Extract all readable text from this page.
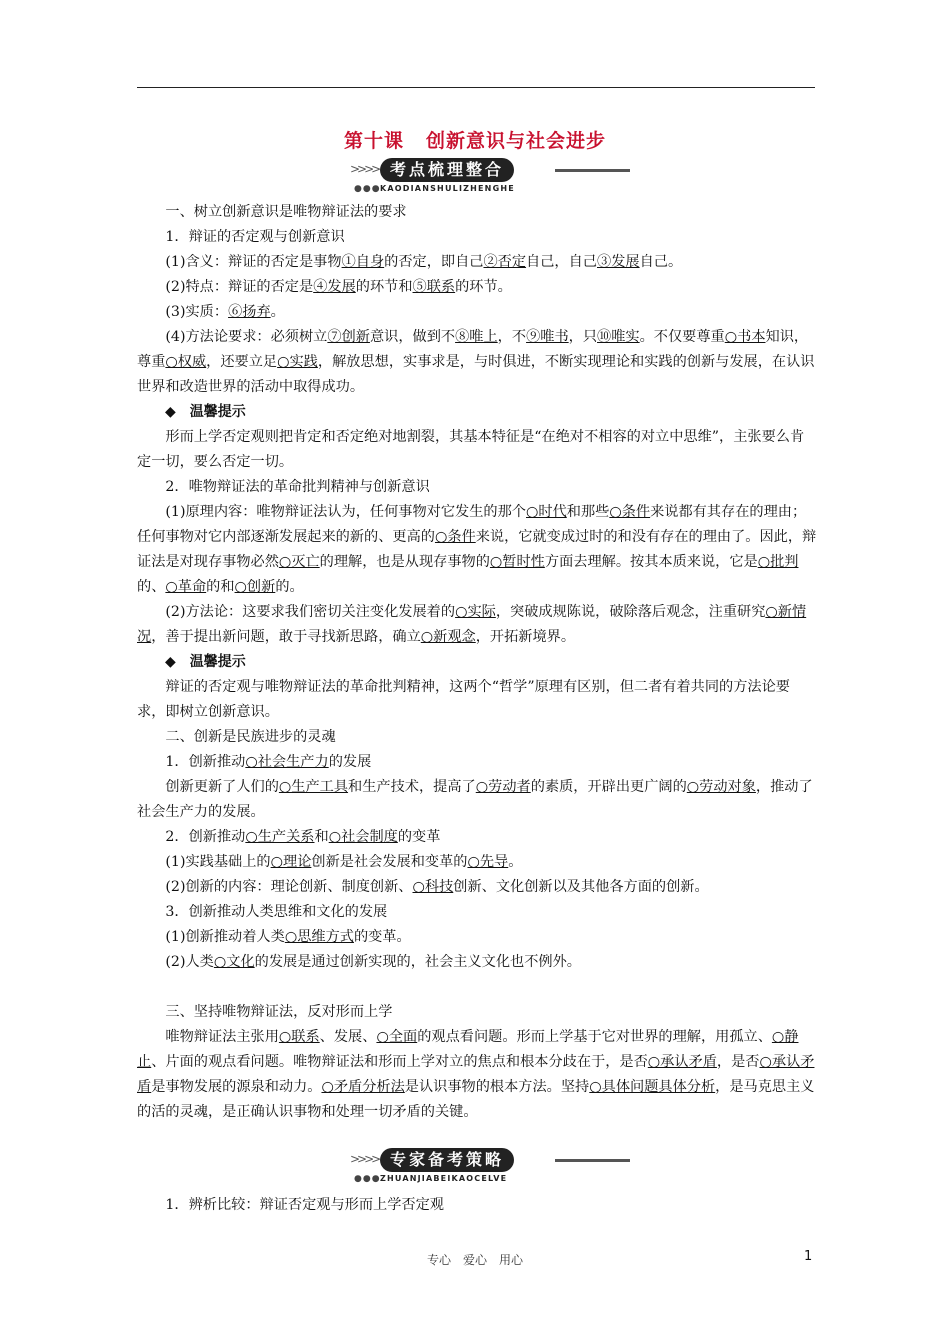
第十课 创新意识与社会进步
>>>> 考点梳理整合
●●● KAODIANSHULIZHENGHE

一、树立创新意识是唯物辩证法的要求

1．辩证的否定观与创新意识

(1)含义：辩证的否定是事物①自身的否定，即自己②否定自己，自己③发展自己。

(2)特点：辩证的否定是④发展的环节和⑤联系的环节。

(3)实质：⑥扬弃。

(4)方法论要求：必须树立⑦创新意识，做到不⑧唯上，不⑨唯书，只⑩唯实。不仅要尊重○书本知识，尊重○权威，还要立足○实践，解放思想，实事求是，与时俱进，不断实现理论和实践的创新与发展，在认识世界和改造世界的活动中取得成功。

◆　温馨提示

形而上学否定观则把肯定和否定绝对地割裂，其基本特征是“在绝对不相容的对立中思维”，主张要么肯定一切，要么否定一切。

2．唯物辩证法的革命批判精神与创新意识

(1)原理内容：唯物辩证法认为，任何事物对它发生的那个○时代和那些○条件来说都有其存在的理由；任何事物对它内部逐渐发展起来的新的、更高的○条件来说，它就变成过时的和没有存在的理由了。因此，辩证法是对现存事物必然○灭亡的理解，也是从现存事物的○暂时性方面去理解。按其本质来说，它是○批判的、○革命的和○创新的。

(2)方法论：这要求我们密切关注变化发展着的○实际，突破成规陈说，破除落后观念，注重研究○新情况，善于提出新问题，敢于寻找新思路，确立○新观念，开拓新境界。

◆　温馨提示

辩证的否定观与唯物辩证法的革命批判精神，这两个“哲学”原理有区别，但二者有着共同的方法论要求，即树立创新意识。

二、创新是民族进步的灵魂

1．创新推动○社会生产力的发展

创新更新了人们的○生产工具和生产技术，提高了○劳动者的素质，开辟出更广阔的○劳动对象，推动了社会生产力的发展。

2．创新推动○生产关系和○社会制度的变革

(1)实践基础上的○理论创新是社会发展和变革的○先导。

(2)创新的内容：理论创新、制度创新、○科技创新、文化创新以及其他各方面的创新。

3．创新推动人类思维和文化的发展

(1)创新推动着人类○思维方式的变革。

(2)人类○文化的发展是通过创新实现的，社会主义文化也不例外。

三、坚持唯物辩证法，反对形而上学

唯物辩证法主张用○联系、发展、○全面的观点看问题。形而上学基于它对世界的理解，用孤立、○静止、片面的观点看问题。唯物辩证法和形而上学对立的焦点和根本分歧在于，是否○承认矛盾，是否○承认矛盾是事物发展的源泉和动力。○矛盾分析法是认识事物的根本方法。坚持○具体问题具体分析，是马克思主义的活的灵魂，是正确认识事物和处理一切矛盾的关键。

>>>> 专家备考策略
●●● ZHUANJIABEIKAOCELVE

1．辨析比较：辩证否定观与形而上学否定观

专心　爱心　用心	1
